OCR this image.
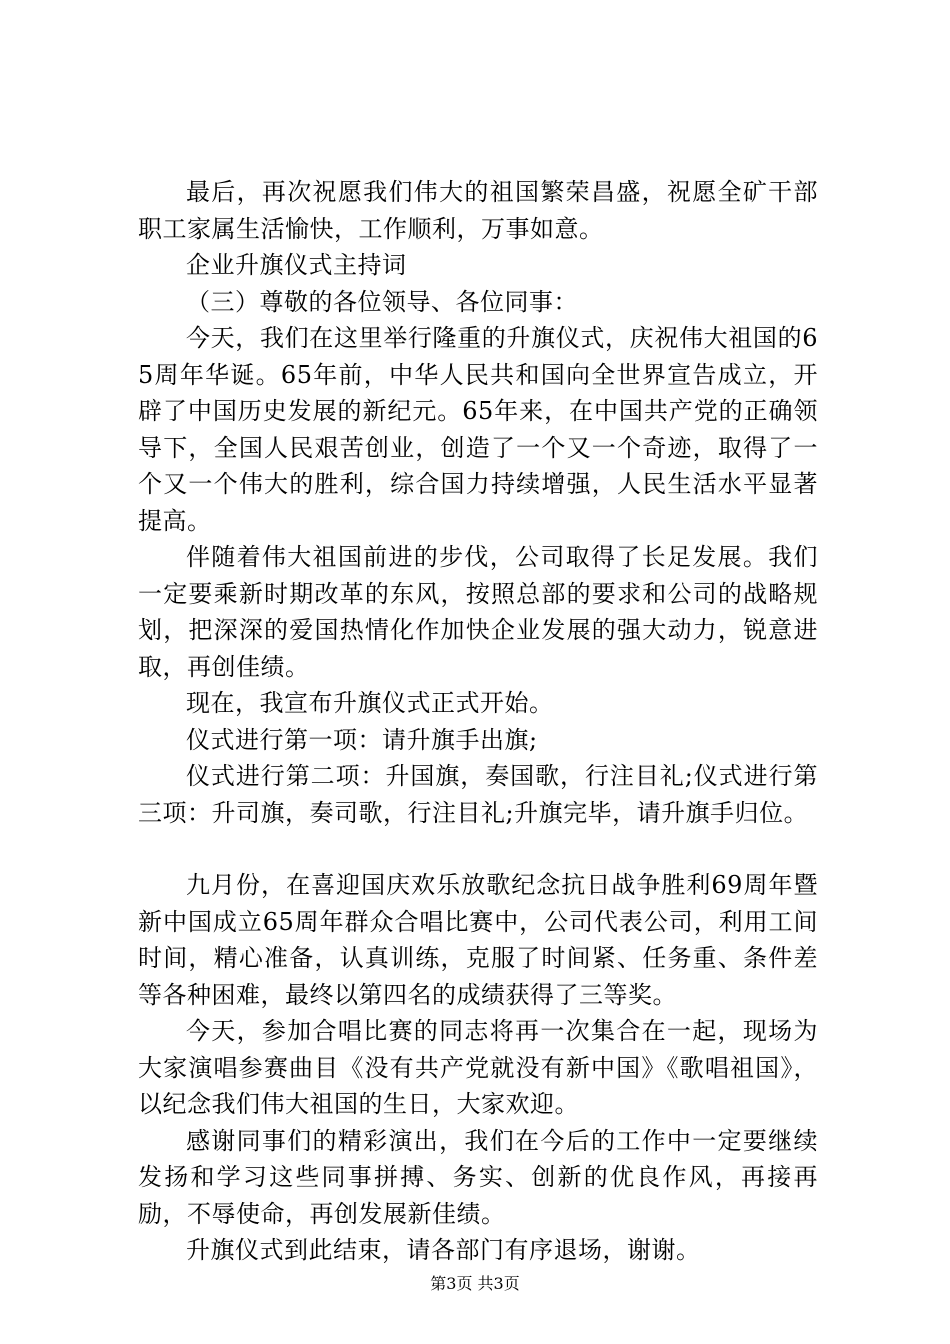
最后，再次祝愿我们伟大的祖国繁荣昌盛，祝愿全矿干部职工家属生活愉快，工作顺利，万事如意。

企业升旗仪式主持词

（三）尊敬的各位领导、各位同事：

今天，我们在这里举行隆重的升旗仪式，庆祝伟大祖国的65周年华诞。65年前，中华人民共和国向全世界宣告成立，开辟了中国历史发展的新纪元。65年来，在中国共产党的正确领导下，全国人民艰苦创业，创造了一个又一个奇迹，取得了一个又一个伟大的胜利，综合国力持续增强，人民生活水平显著提高。

伴随着伟大祖国前进的步伐，公司取得了长足发展。我们一定要乘新时期改革的东风，按照总部的要求和公司的战略规划，把深深的爱国热情化作加快企业发展的强大动力，锐意进取，再创佳绩。

现在，我宣布升旗仪式正式开始。

仪式进行第一项：请升旗手出旗;

仪式进行第二项：升国旗，奏国歌，行注目礼;仪式进行第三项：升司旗，奏司歌，行注目礼;升旗完毕，请升旗手归位。

九月份，在喜迎国庆欢乐放歌纪念抗日战争胜利69周年暨新中国成立65周年群众合唱比赛中，公司代表公司，利用工间时间，精心准备，认真训练，克服了时间紧、任务重、条件差等各种困难，最终以第四名的成绩获得了三等奖。

今天，参加合唱比赛的同志将再一次集合在一起，现场为大家演唱参赛曲目《没有共产党就没有新中国》《歌唱祖国》，以纪念我们伟大祖国的生日，大家欢迎。

感谢同事们的精彩演出，我们在今后的工作中一定要继续发扬和学习这些同事拼搏、务实、创新的优良作风，再接再励，不辱使命，再创发展新佳绩。

升旗仪式到此结束，请各部门有序退场，谢谢。

第3页 共3页
